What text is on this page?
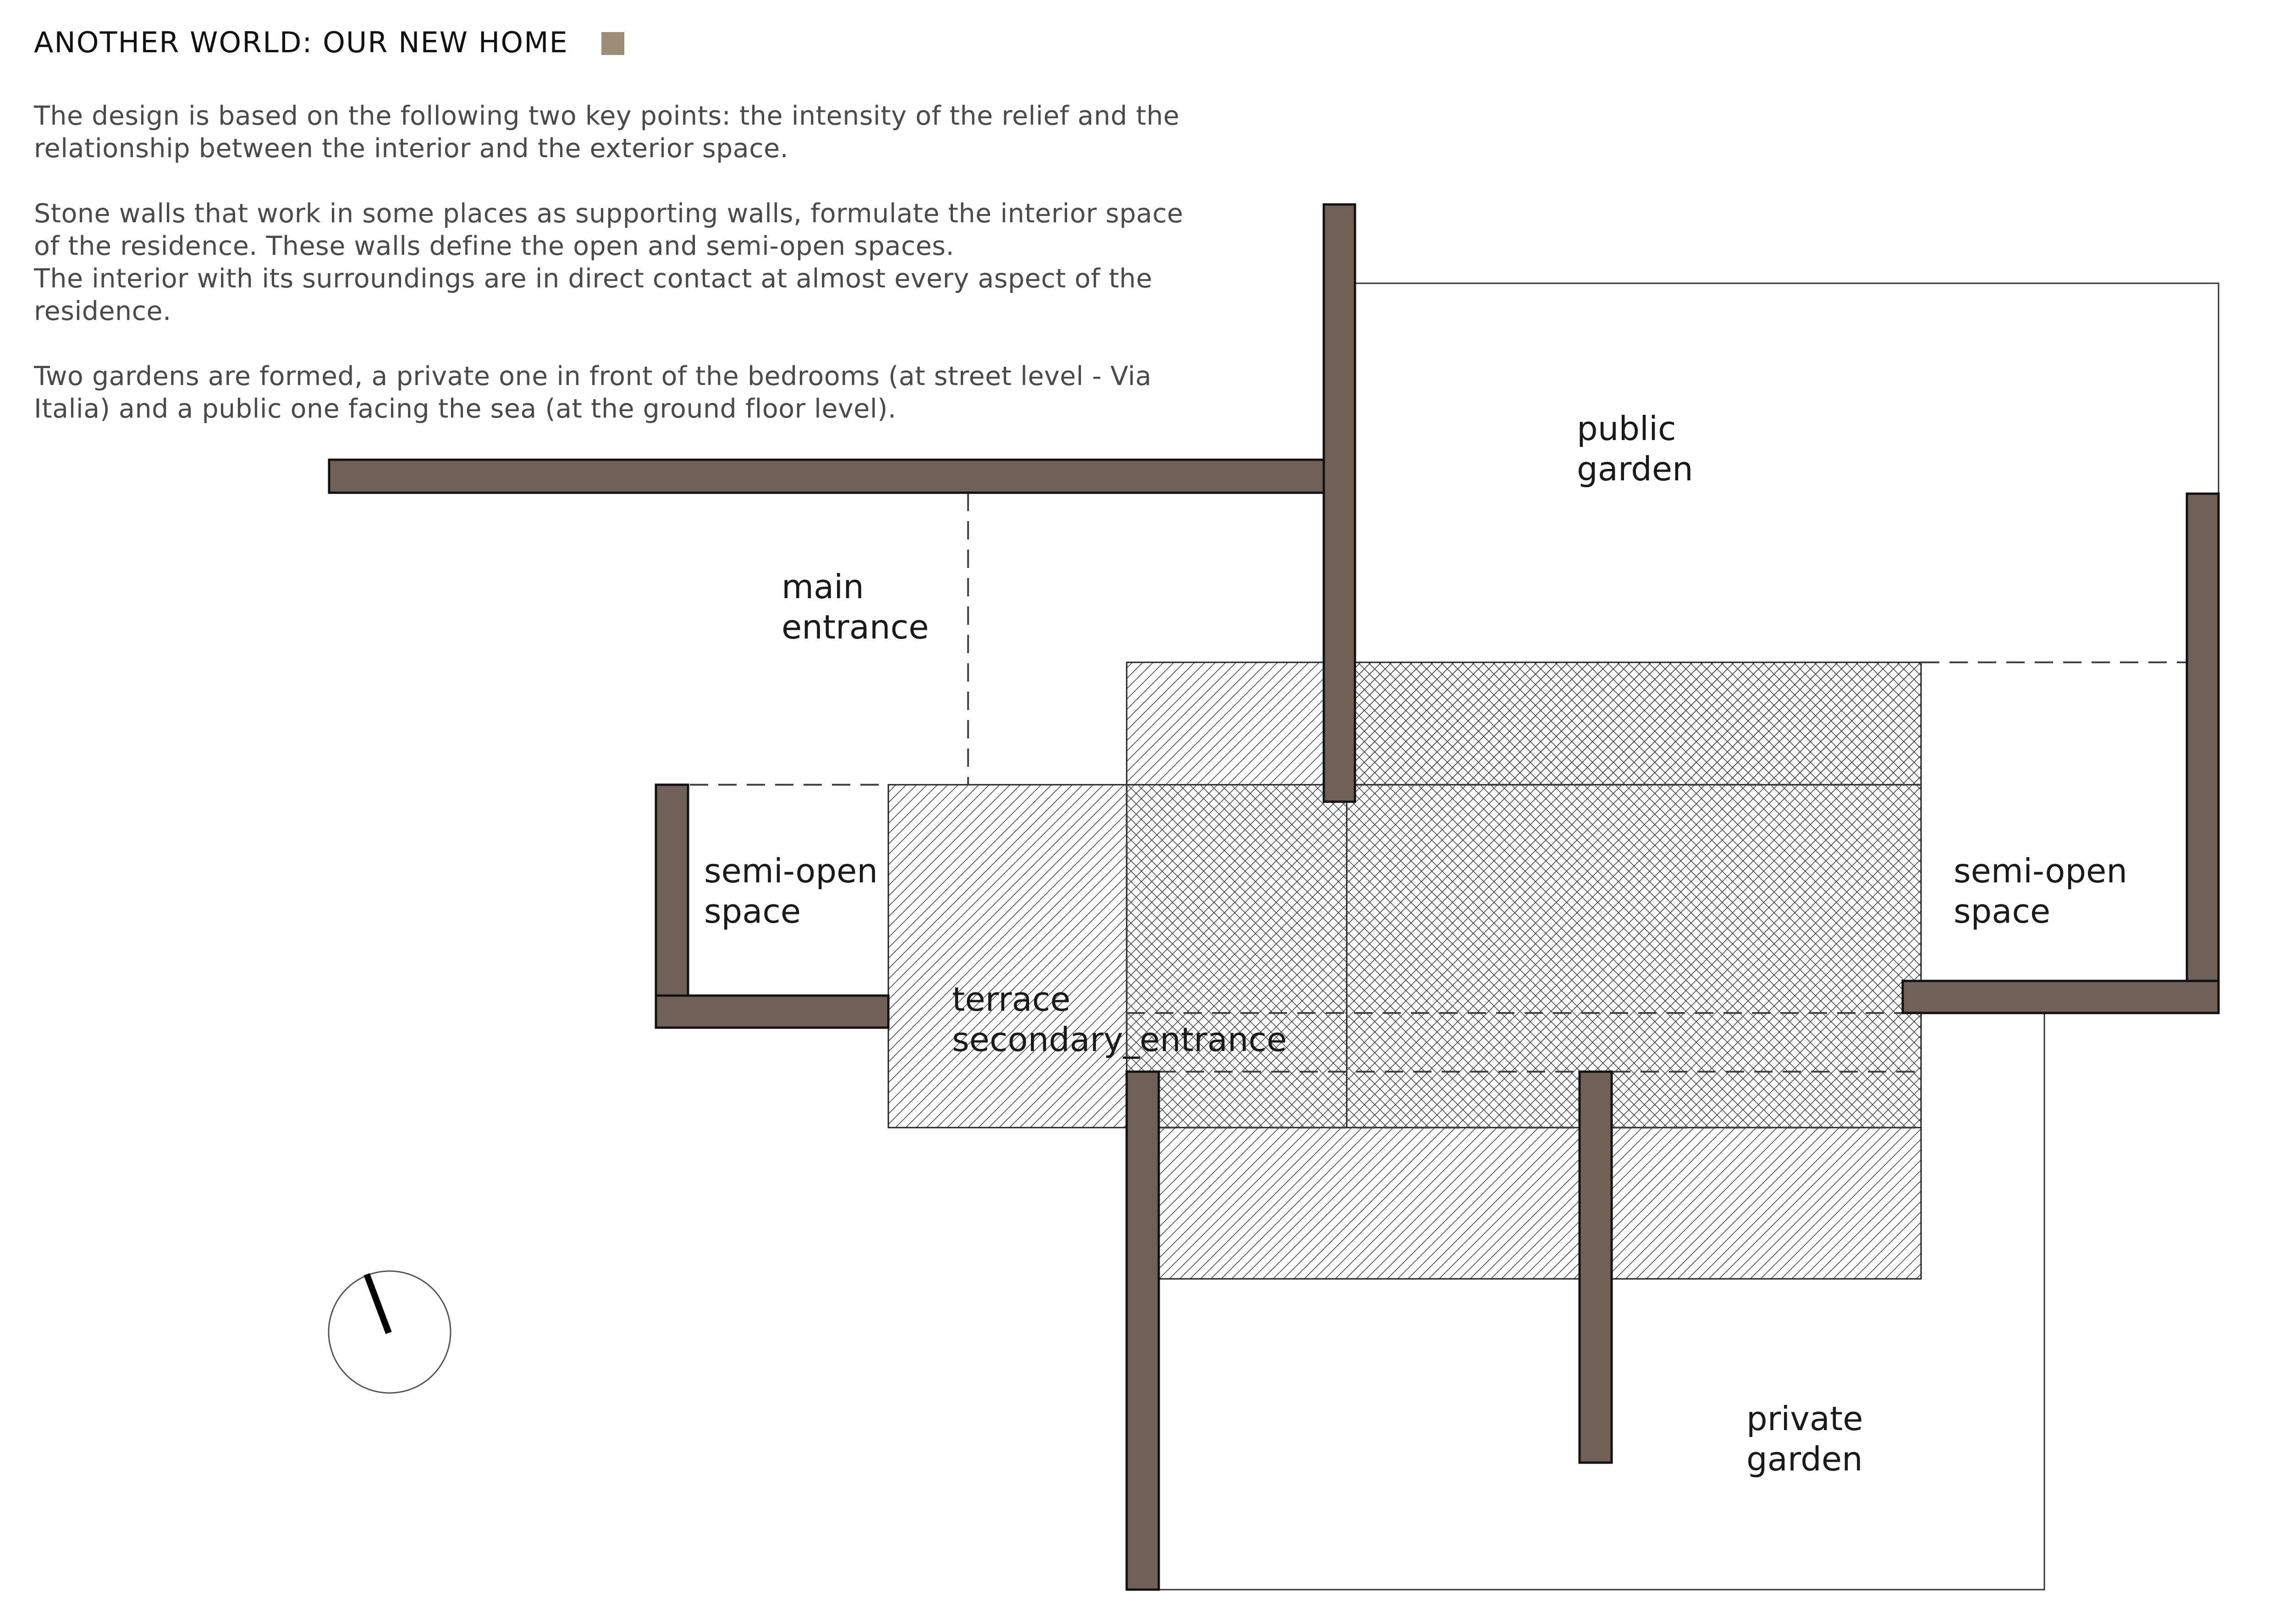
ANOTHER WORLD: OUR NEW HOME

The design is based on the following two key points: the intensity of the relief and the
relationship between the interior and the exterior space.

Stone walls that work in some places as supporting walls, formulate the interior space
of the residence. These walls define the open and semi-open spaces.
The interior with its surroundings are in direct contact at almost every aspect of the
residence.

Two gardens are formed, a private one in front of the bedrooms (at street level - Via
Italia) and a public one facing the sea (at the ground floor level).

public garden
main entrance
semi-open space
semi-open space
terrace secondary_entrance
private garden
